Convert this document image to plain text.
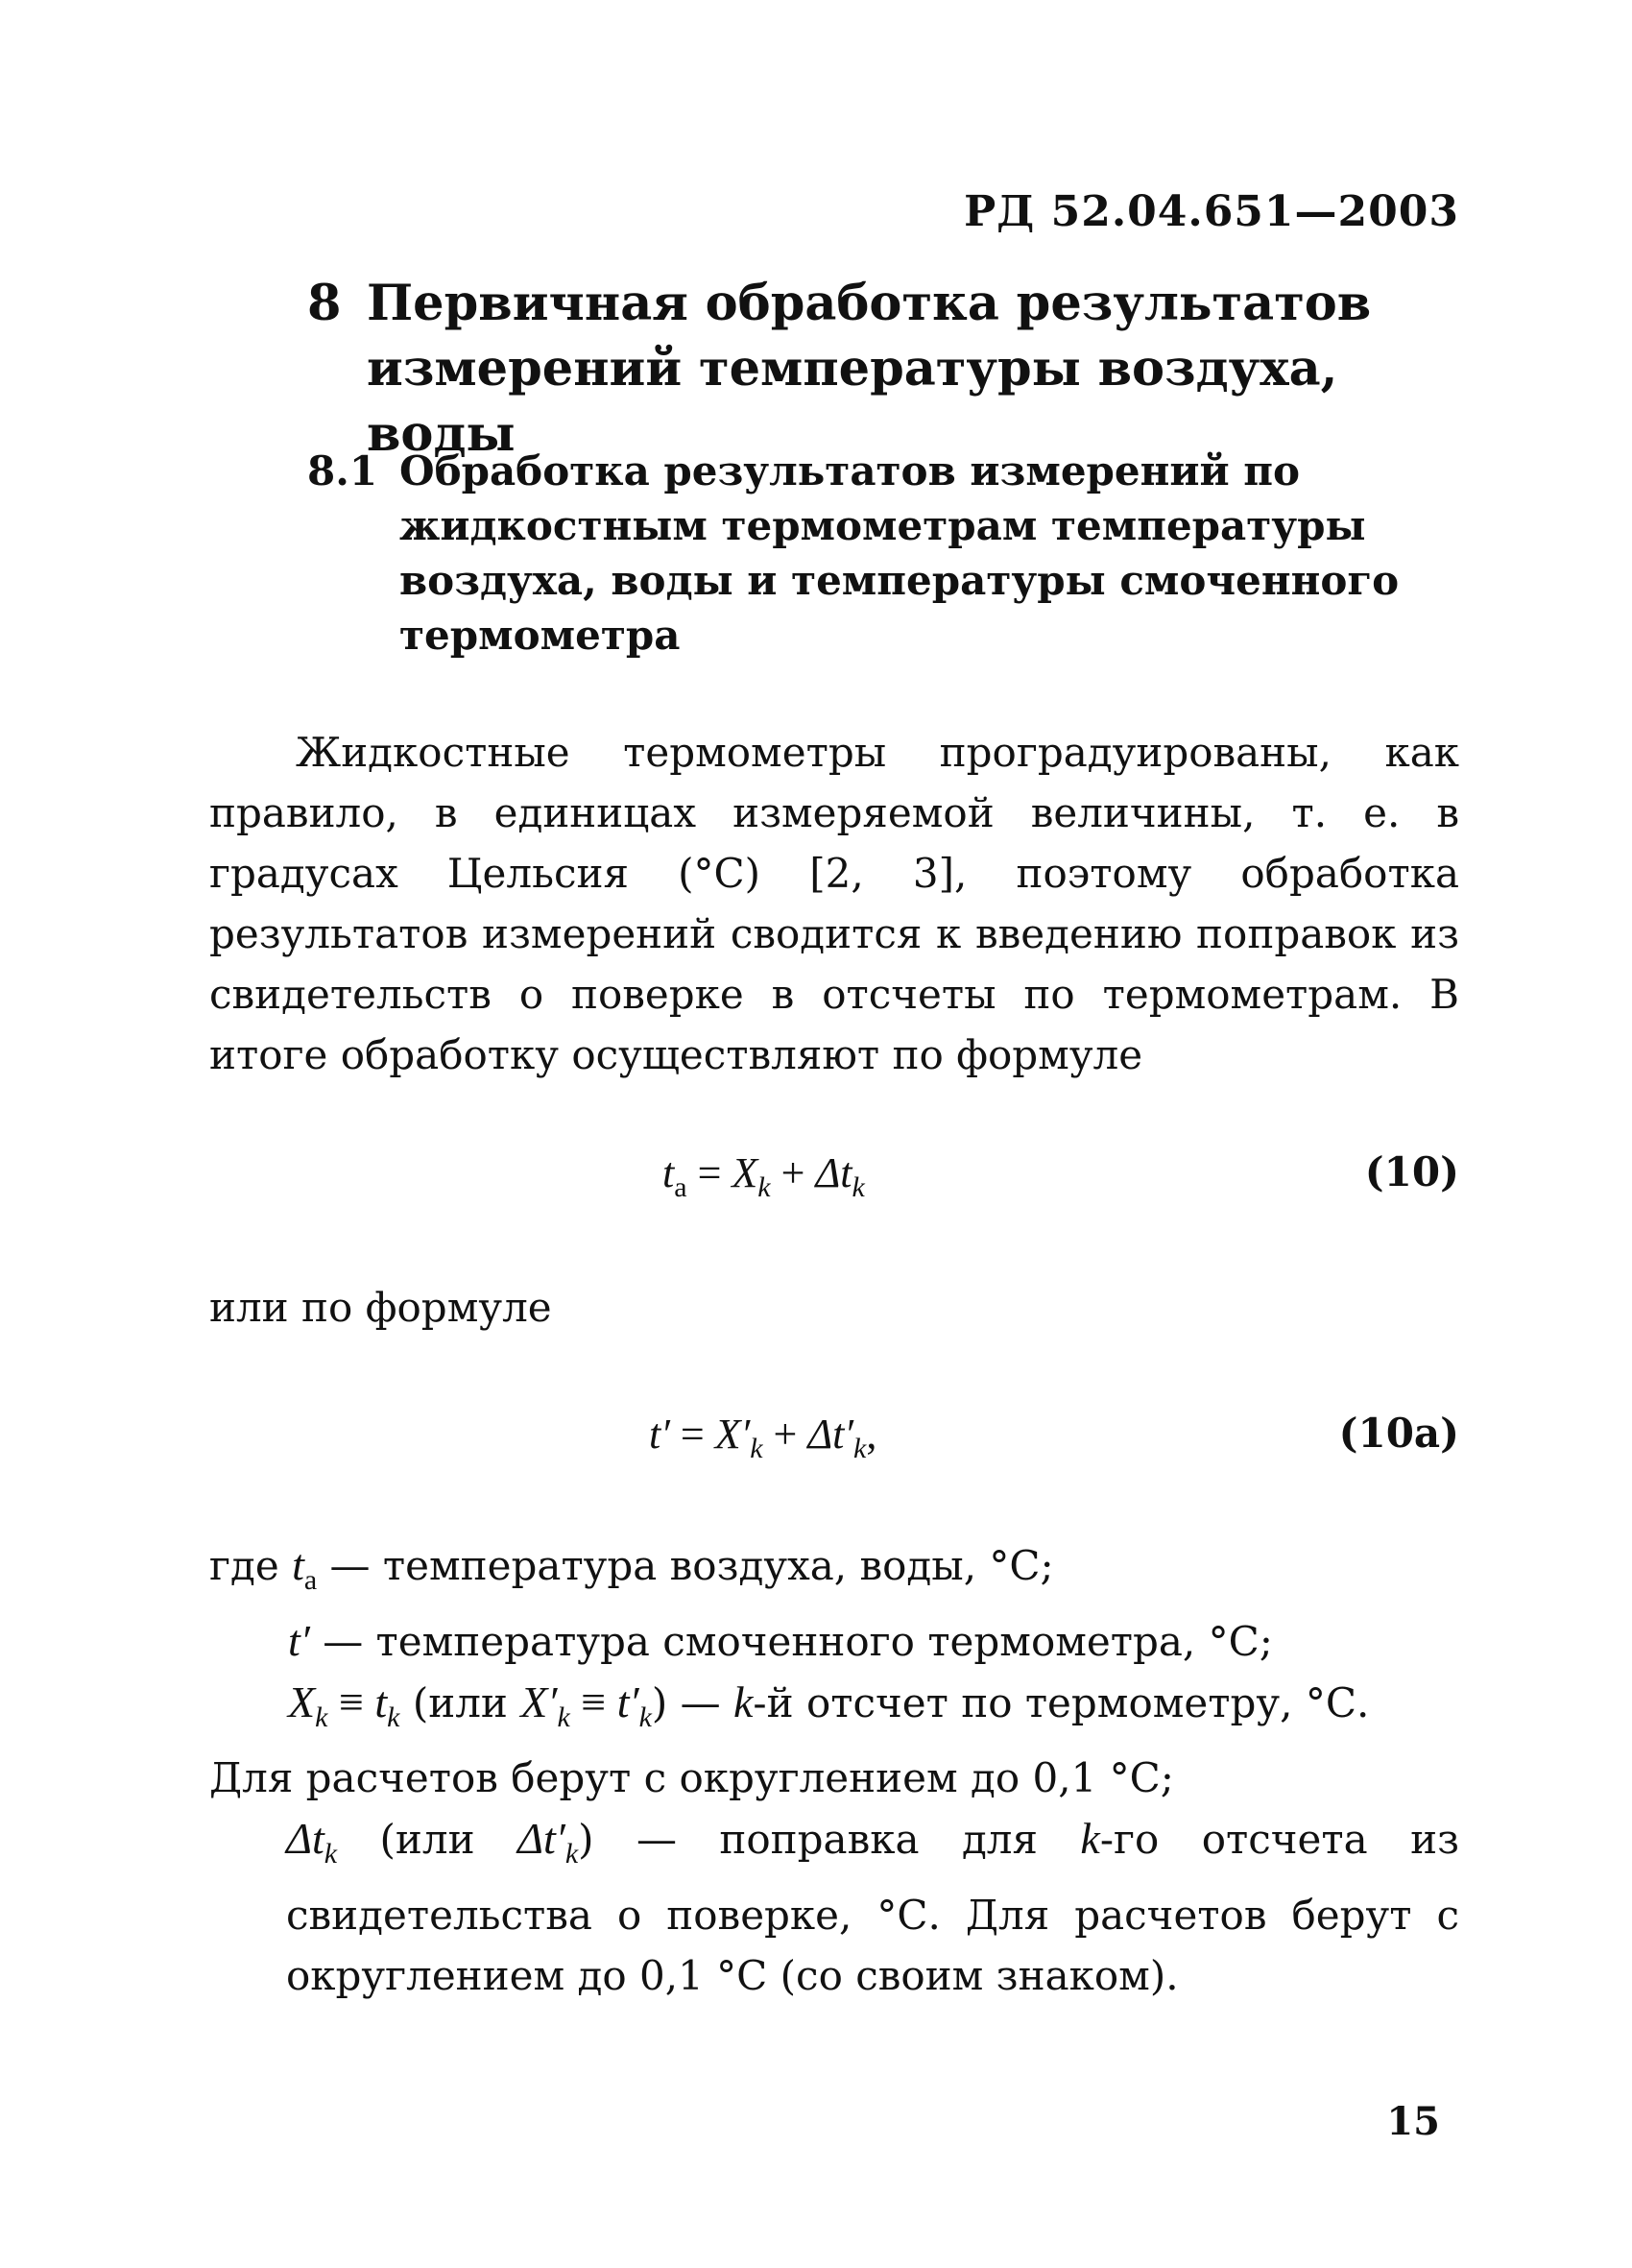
РД 52.04.651—2003
8 Первичная обработка результатов измерений температуры воздуха, воды
8.1 Обработка результатов измерений по жидкостным термометрам температуры воздуха, воды и температуры смоченного термометра
Жидкостные термометры проградуированы, как правило, в единицах измеряемой величины, т. е. в градусах Цельсия (°С) [2, 3], поэтому обработка результатов измерений сводится к введению поправок из свидетельств о поверке в отсчеты по термометрам. В итоге обработку осуществляют по формуле
$t_а = X_k + \Delta t_k$	(10)
или по формуле
$t' = X'_k + \Delta t'_k$,	(10а)
где $t_а$ — температура воздуха, воды, °С;
t′ — температура смоченного термометра, °С;
$X_k \equiv t_k$ (или $X'_k \equiv t'_k$) — k-й отсчет по термометру, °С.
Для расчетов берут с округлением до 0,1 °С;
$\Delta t_k$ (или $\Delta t'_k$) — поправка для k-го отсчета из свидетельства о поверке, °С. Для расчетов берут с округлением до 0,1 °С (со своим знаком).
15
